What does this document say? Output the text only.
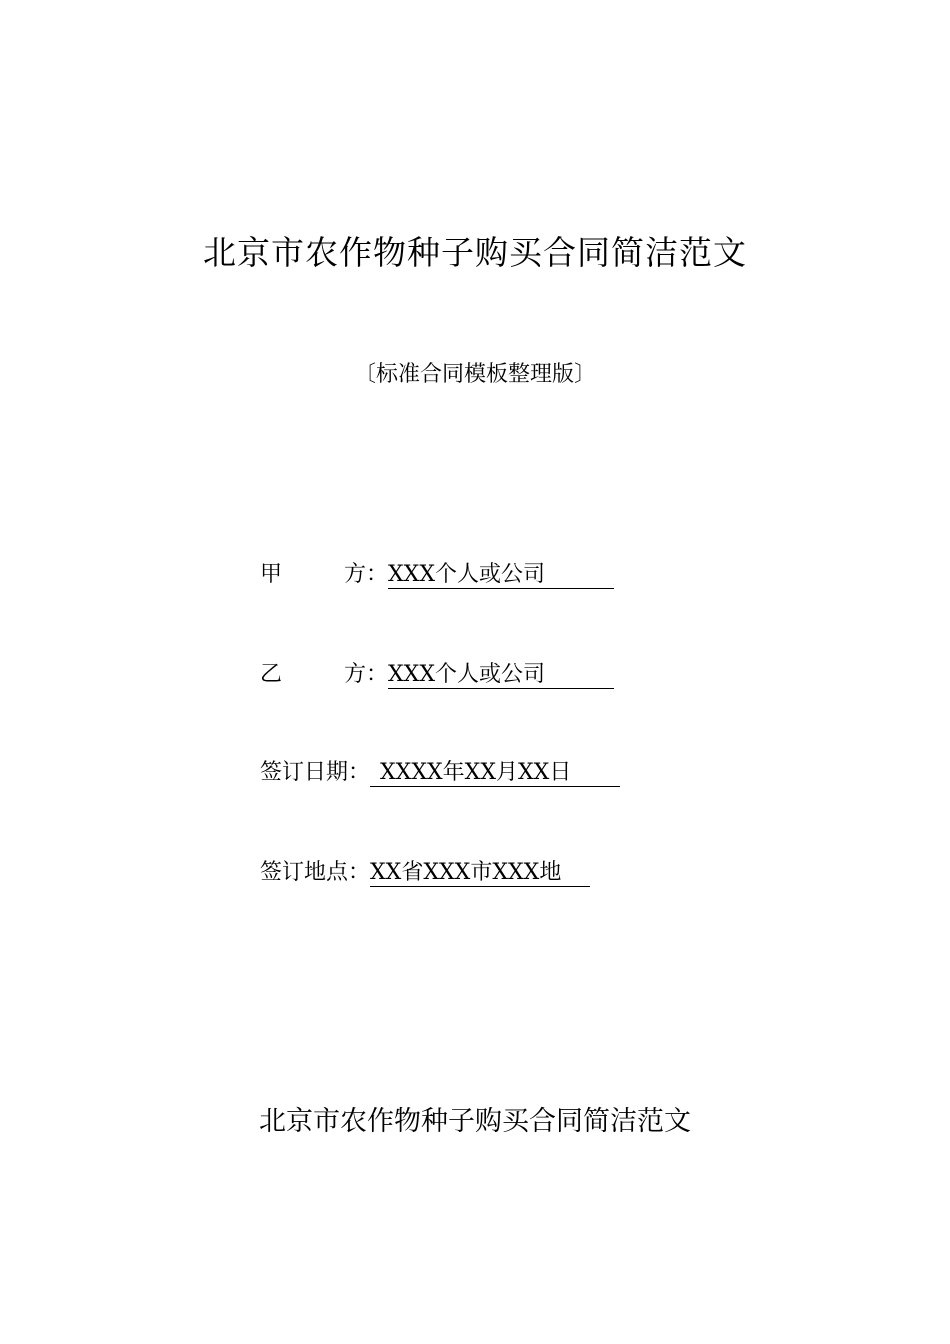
北京市农作物种子购买合同简洁范文
〔标准合同模板整理版〕
甲	方： XXX个人或公司
乙	方： XXX个人或公司
签订日期： XXXX年XX月XX日
签订地点：XX省XXX市XXX地
北京市农作物种子购买合同简洁范文
